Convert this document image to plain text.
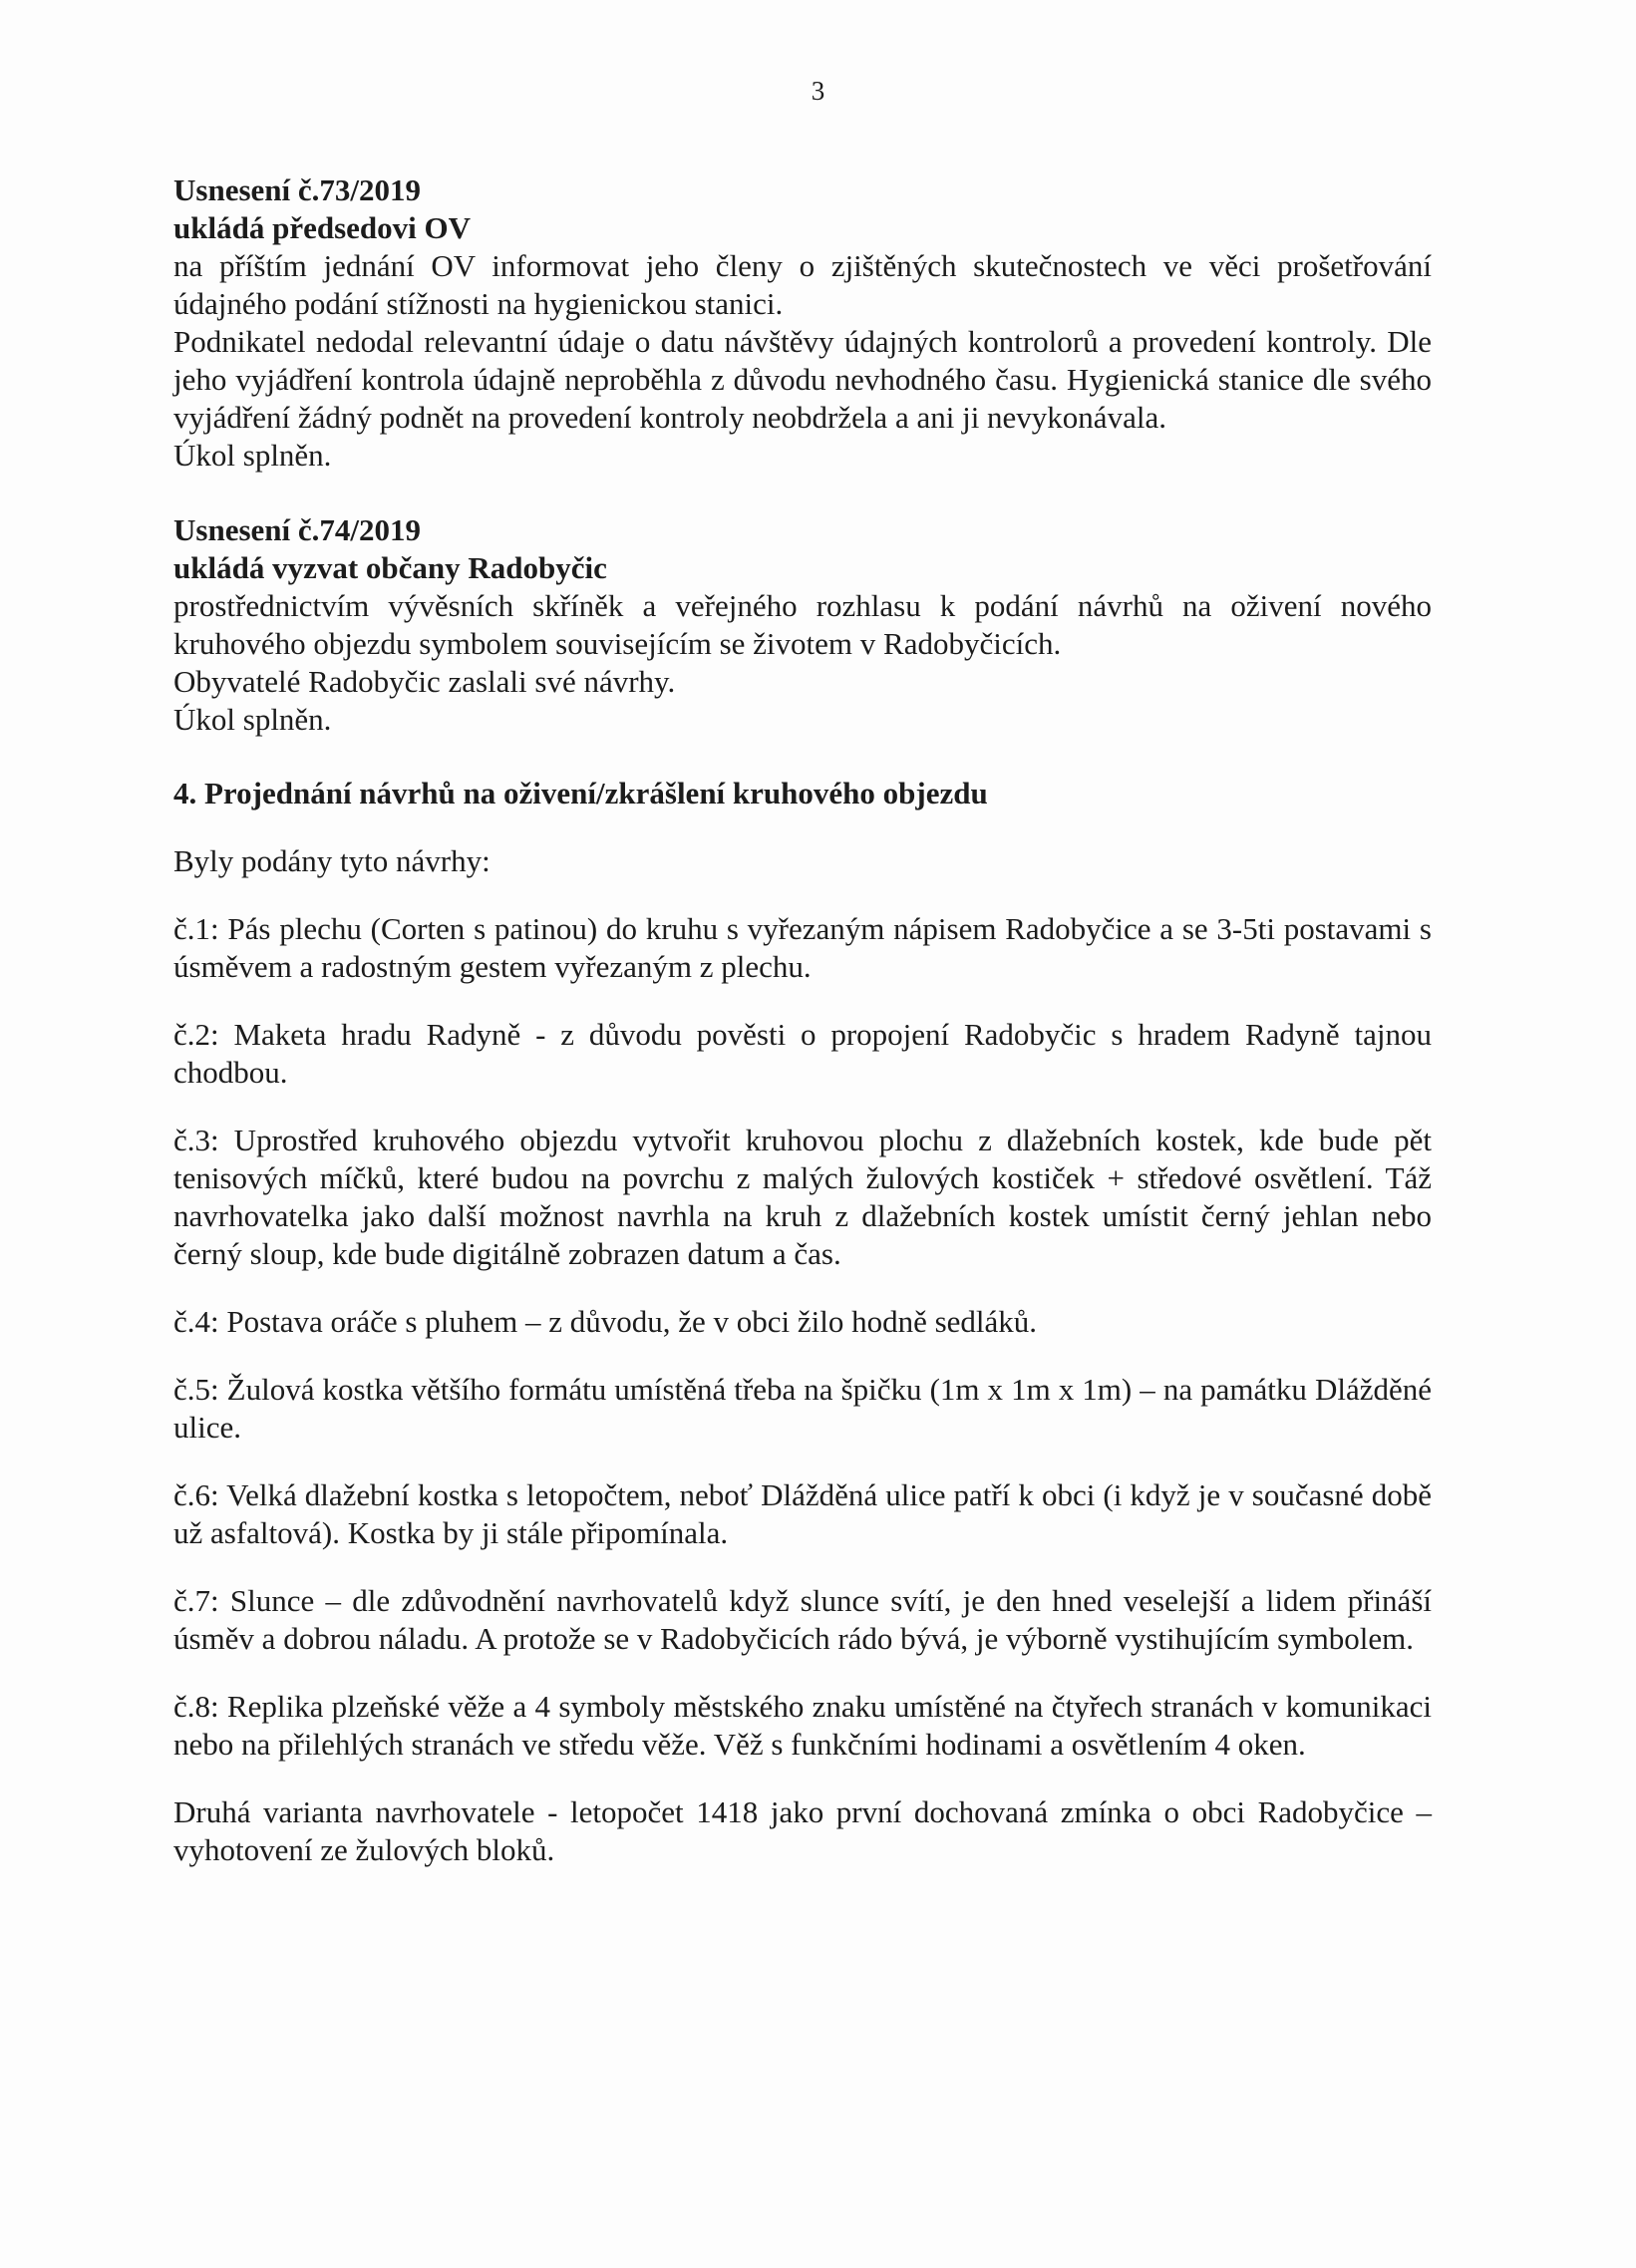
3

Usnesení č.73/2019

ukládá předsedovi OV

na příštím jednání OV informovat jeho členy o zjištěných skutečnostech ve věci prošetřování údajného podání stížnosti na hygienickou stanici.

Podnikatel nedodal relevantní údaje o datu návštěvy údajných kontrolorů a provedení kontroly. Dle jeho vyjádření kontrola údajně neproběhla z důvodu nevhodného času. Hygienická stanice dle svého vyjádření žádný podnět na provedení kontroly neobdržela a ani ji nevykonávala.

Úkol splněn.

Usnesení č.74/2019

ukládá vyzvat občany Radobyčic

prostřednictvím vývěsních skříněk a veřejného rozhlasu k podání návrhů na oživení nového kruhového objezdu symbolem souvisejícím se životem v Radobyčicích.

Obyvatelé Radobyčic zaslali své návrhy.

Úkol splněn.

4. Projednání návrhů na oživení/zkrášlení kruhového objezdu

Byly podány tyto návrhy:

č.1: Pás plechu (Corten s patinou) do kruhu s vyřezaným nápisem Radobyčice a se 3-5ti postavami s úsměvem a radostným gestem vyřezaným z plechu.

č.2: Maketa hradu Radyně - z důvodu pověsti o propojení Radobyčic s hradem Radyně tajnou chodbou.

č.3: Uprostřed kruhového objezdu vytvořit kruhovou plochu z dlažebních kostek, kde bude pět tenisových míčků, které budou na povrchu z malých žulových kostiček + středové osvětlení. Táž navrhovatelka jako další možnost navrhla na kruh z dlažebních kostek umístit černý jehlan nebo černý sloup, kde bude digitálně zobrazen datum a čas.

č.4: Postava oráče s pluhem – z důvodu, že v obci žilo hodně sedláků.

č.5: Žulová kostka většího formátu umístěná třeba na špičku (1m x 1m x 1m) – na památku Dlážděné ulice.

č.6: Velká dlažební kostka s letopočtem, neboť Dlážděná ulice patří k obci (i když je v současné době už asfaltová). Kostka by ji stále připomínala.

č.7: Slunce – dle zdůvodnění navrhovatelů když slunce svítí, je den hned veselejší a lidem přináší úsměv a dobrou náladu. A protože se v Radobyčicích rádo bývá, je výborně vystihujícím symbolem.

č.8: Replika plzeňské věže a 4 symboly městského znaku umístěné na čtyřech stranách v komunikaci nebo na přilehlých stranách ve středu věže. Věž s funkčními hodinami a osvětlením 4 oken.

Druhá varianta navrhovatele - letopočet 1418 jako první dochovaná zmínka o obci Radobyčice – vyhotovení ze žulových bloků.
